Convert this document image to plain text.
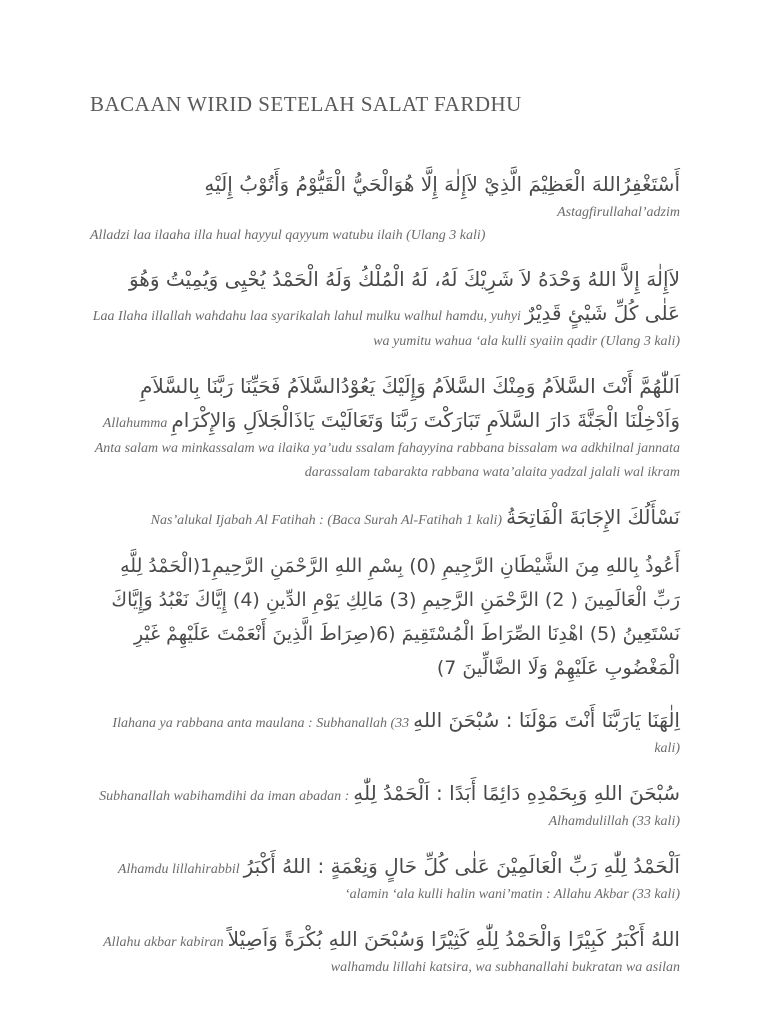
BACAAN WIRID SETELAH SALAT FARDHU
أَسْتَغْفِرُاللهَ الْعَظِيْمَ الَّذِيْ لاَإِلٰهَ إِلَّا هُوَالْحَيُّ الْقَيُّوْمُ وَأَتُوْبُ إِلَيْهِ Astagfirullahal’adzim
Alladzi laa ilaaha illa hual hayyul qayyum watubu ilaih (Ulang 3 kali)
لاَإِلٰهَ إِلاَّ اللهُ وَحْدَهُ لاَ شَرِيْكَ لَهُ، لَهُ الْمُلْكُ وَلَهُ الْحَمْدُ يُحْيِى وَيُمِيْتُ وَهُوَ عَلٰى كُلِّ شَيْئٍ قَدِيْرٌ Laa Ilaha illallah wahdahu laa syarikalah lahul mulku walhul hamdu, yuhyi wa yumitu wahua ‘ala kulli syaiin qadir (Ulang 3 kali)
اَللّٰهُمَّ أَنْتَ السَّلاَمُ وَمِنْكَ السَّلاَمُ وَإِلَيْكَ يَعُوْدُالسَّلاَمُ فَحَيِّنَا رَبَّنَا بِالسَّلاَمِ وَاَدْخِلْنَا الْجَنَّةَ دَارَ السَّلاَمِ تَبَارَكْتَ رَبَّنَا وَتَعَالَيْتَ يَاذَالْجَلاَلِ وَالإِكْرَامِ Allahumma Anta salam wa minkassalam wa ilaika ya’udu ssalam fahayyina rabbana bissalam wa adkhilnal jannata darassalam tabarakta rabbana wata’alaita yadzal jalali wal ikram
نَسْأَلُكَ الإِجَابَةَ الْفَاتِحَةُ Nas’alukal Ijabah Al Fatihah : (Baca Surah Al-Fatihah 1 kali)
أَعُوذُ بِاللهِ مِنَ الشَّيْطَانِ الرَّجِيمِ (0) بِسْمِ اللهِ الرَّحْمَنِ الرَّحِيمِ1(الْحَمْدُ لِلَّهِ رَبِّ الْعَالَمِينَ ( 2) الرَّحْمَنِ الرَّحِيمِ (3) مَالِكِ يَوْمِ الدِّينِ (4) إِيَّاكَ نَعْبُدُ وَإِيَّاكَ نَسْتَعِينُ (5) اهْدِنَا الصِّرَاطَ الْمُسْتَقِيمَ (6(صِرَاطَ الَّذِينَ أَنْعَمْتَ عَلَيْهِمْ غَيْرِ الْمَغْضُوبِ عَلَيْهِمْ وَلَا الضَّالِّينَ 7)
اِلٰهَنَا يَارَبَّنَا أَنْتَ مَوْلَنَا : سُبْحَنَ اللهِ Ilahana ya rabbana anta maulana : Subhanallah (33 kali)
سُبْحَنَ اللهِ وَبِحَمْدِهِ دَائِمًا أَبَدًا : اَلْحَمْدُ لِلّٰهِ Subhanallah wabihamdihi da iman abadan : Alhamdulillah (33 kali)
اَلْحَمْدُ لِلّٰهِ رَبِّ الْعَالَمِيْنَ عَلٰى كُلِّ حَالٍ وَنِعْمَةٍ : اللهُ أَكْبَرُ Alhamdu lillahirabbil ‘alamin ‘ala kulli halin wani’matin : Allahu Akbar (33 kali)
اللهُ أَكْبَرُ كَبِيْرًا وَالْحَمْدُ لِلّٰهِ كَثِيْرًا وَسُبْحَنَ اللهِ بُكْرَةً وَاَصِيْلاً Allahu akbar kabiran walhamdu lillahi katsira, wa subhanallahi bukratan wa asilan
